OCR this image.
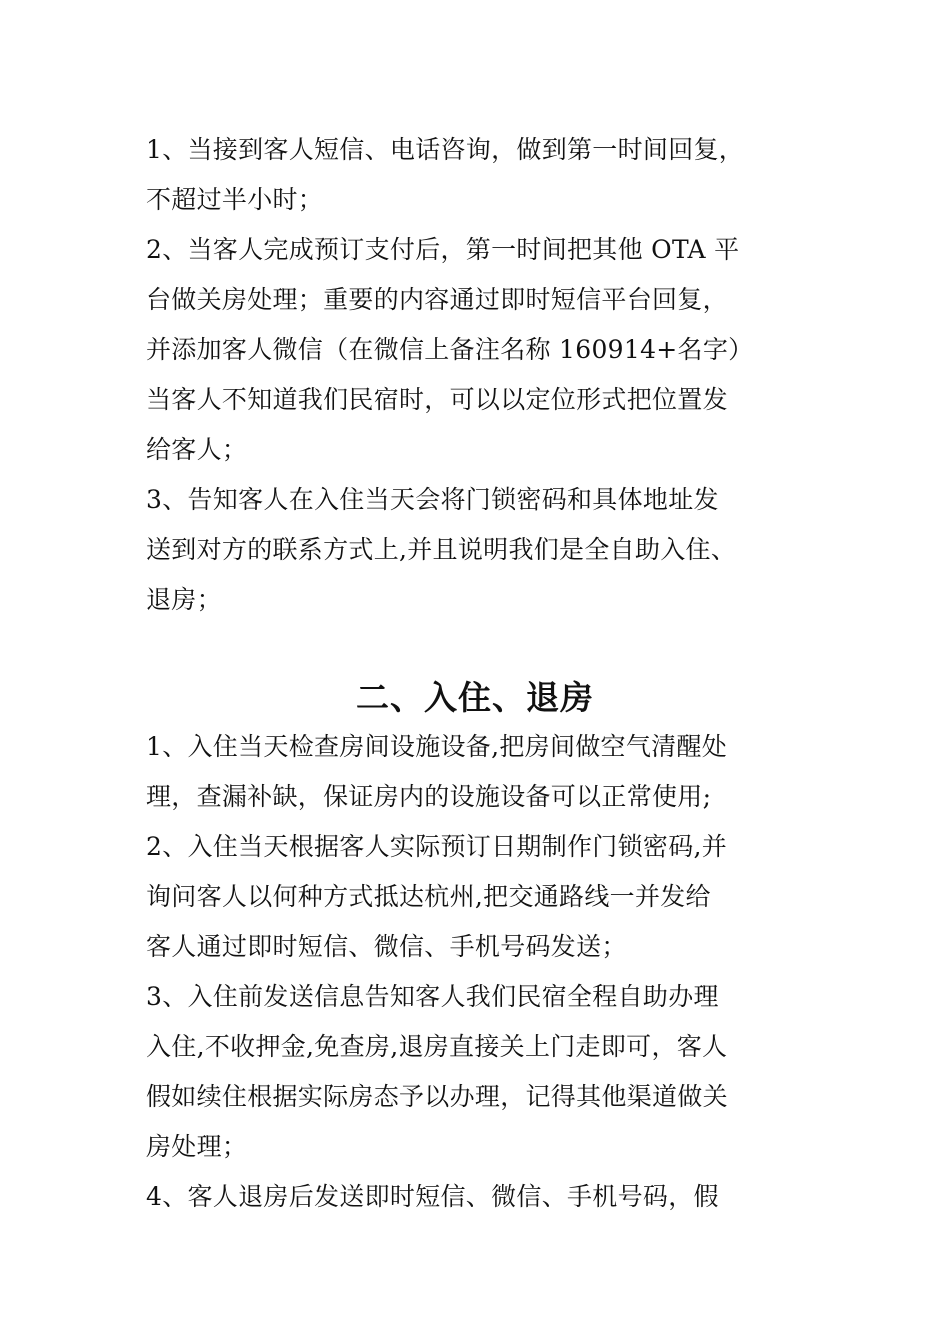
1、当接到客人短信、电话咨询，做到第一时间回复，
不超过半小时；
2、当客人完成预订支付后，第一时间把其他 OTA 平
台做关房处理；重要的内容通过即时短信平台回复，
并添加客人微信（在微信上备注名称 160914+名字）
当客人不知道我们民宿时，可以以定位形式把位置发
给客人；
3、告知客人在入住当天会将门锁密码和具体地址发
送到对方的联系方式上,并且说明我们是全自助入住、
退房；
二、入住、退房
1、入住当天检查房间设施设备,把房间做空气清醒处
理，查漏补缺，保证房内的设施设备可以正常使用;
2、入住当天根据客人实际预订日期制作门锁密码,并
询问客人以何种方式抵达杭州,把交通路线一并发给
客人通过即时短信、微信、手机号码发送；
3、入住前发送信息告知客人我们民宿全程自助办理
入住,不收押金,免查房,退房直接关上门走即可，客人
假如续住根据实际房态予以办理，记得其他渠道做关
房处理；
4、客人退房后发送即时短信、微信、手机号码，假
